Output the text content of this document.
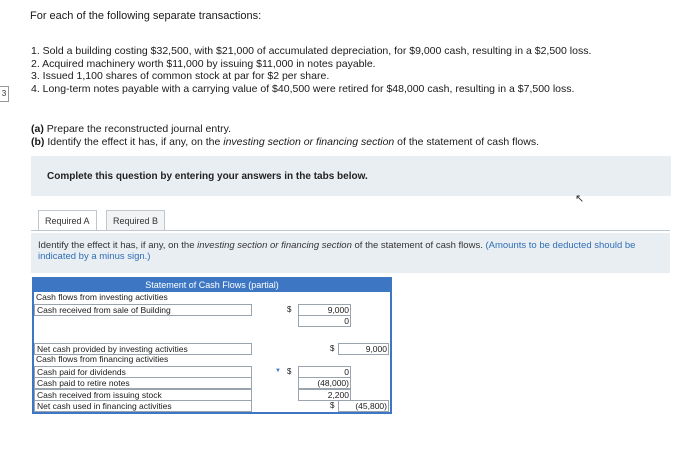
For each of the following separate transactions:
1. Sold a building costing $32,500, with $21,000 of accumulated depreciation, for $9,000 cash, resulting in a $2,500 loss.
2. Acquired machinery worth $11,000 by issuing $11,000 in notes payable.
3. Issued 1,100 shares of common stock at par for $2 per share.
4. Long-term notes payable with a carrying value of $40,500 were retired for $48,000 cash, resulting in a $7,500 loss.
3
(a) Prepare the reconstructed journal entry.
(b) Identify the effect it has, if any, on the investing section or financing section of the statement of cash flows.
Complete this question by entering your answers in the tabs below.
↖
Required A	Required B
Identify the effect it has, if any, on the investing section or financing section of the statement of cash flows. (Amounts to be deducted should be indicated by a minus sign.)
Statement of Cash Flows (partial)
Cash flows from investing activities
Cash received from sale of Building	$	9,000
0
Net cash provided by investing activities	$	9,000
Cash flows from financing activities
Cash paid for dividends	▼ $	0
Cash paid to retire notes	(48,000)
Cash received from issuing stock	2,200
Net cash used in financing activities	$	(45,800)
